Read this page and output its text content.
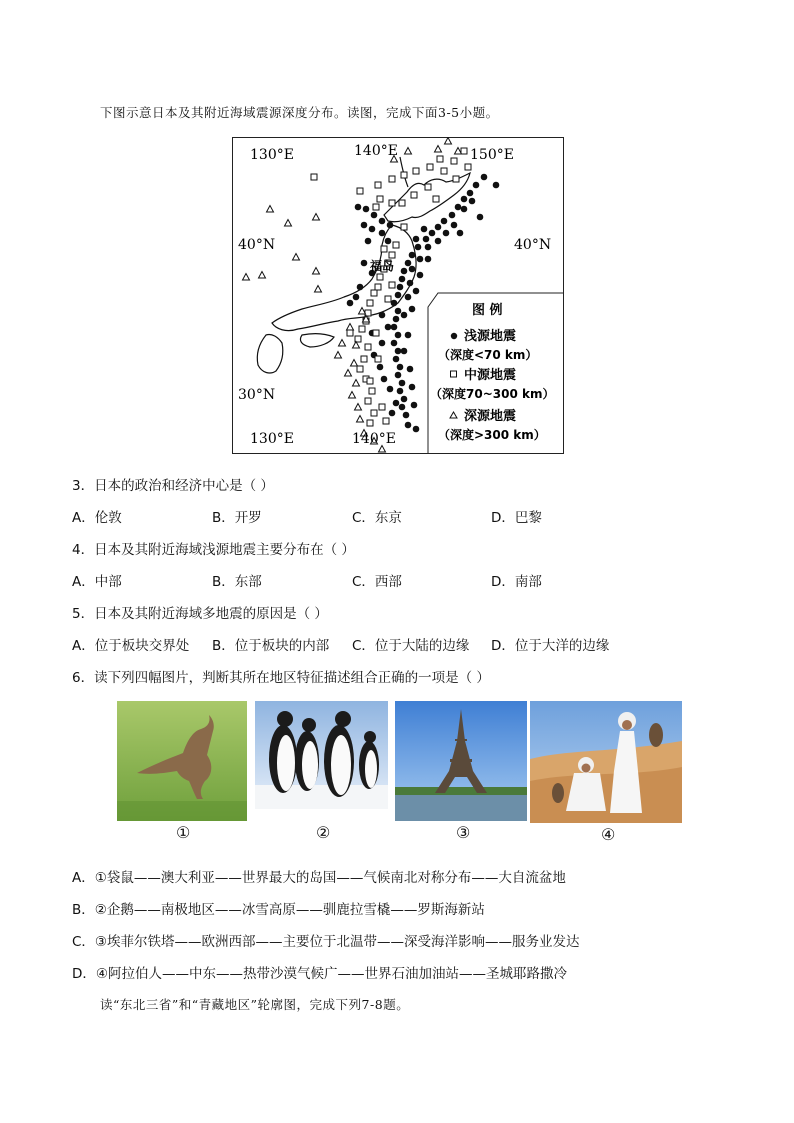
下图示意日本及其附近海域震源深度分布。读图，完成下面3-5小题。
130°E	140°E	150°E
40°N	40°N
30°N
130°E	140°E
福岛
图 例
浅源地震
（深度<70 km）
中源地震
（深度70~300 km）
深源地震
（深度>300 km）
3．日本的政治和经济中心是（ ）
A．伦敦	B．开罗	C．东京	D．巴黎
4．日本及其附近海域浅源地震主要分布在（ ）
A．中部	B．东部	C．西部	D．南部
5．日本及其附近海域多地震的原因是（ ）
A．位于板块交界处 B．位于板块的内部 C．位于大陆的边缘 D．位于大洋的边缘
6．读下列四幅图片，判断其所在地区特征描述组合正确的一项是（ ）
①	②	③	④
A．①袋鼠——澳大利亚——世界最大的岛国——气候南北对称分布——大自流盆地
B．②企鹅——南极地区——冰雪高原——驯鹿拉雪橇——罗斯海新站
C．③埃菲尔铁塔——欧洲西部——主要位于北温带——深受海洋影响——服务业发达
D．④阿拉伯人——中东——热带沙漠气候广——世界石油加油站——圣城耶路撒冷
读“东北三省”和“青藏地区”轮廓图，完成下列7-8题。
